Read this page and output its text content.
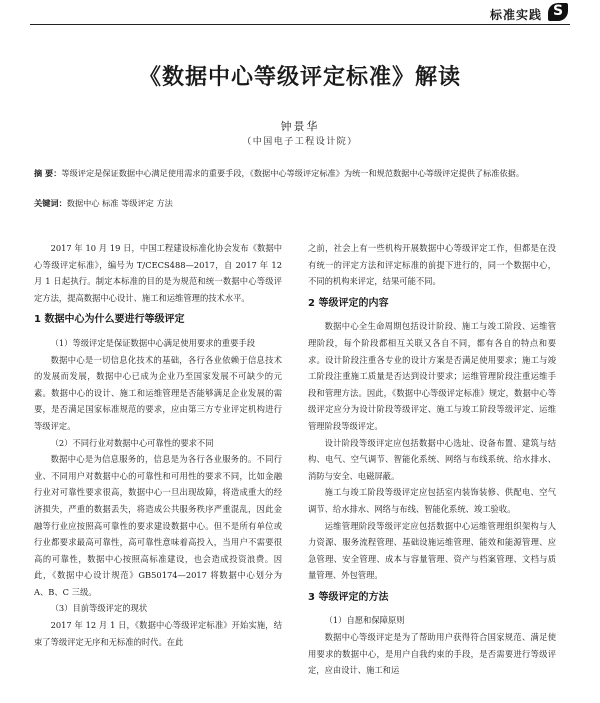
标准实践
S
《数据中心等级评定标准》解读
钟景华
（中国电子工程设计院）
摘 要：等级评定是保证数据中心满足使用需求的重要手段，《数据中心等级评定标准》为统一和规范数据中心等级评定提供了标准依据。
关键词：数据中心 标准 等级评定 方法

2017 年 10 月 19 日，中国工程建设标准化协会发布《数据中心等级评定标准》，编号为 T/CECS488—2017，自 2017 年 12 月 1 日起执行。制定本标准的目的是为规范和统一数据中心等级评定方法，提高数据中心设计、施工和运维管理的技术水平。

1 数据中心为什么要进行等级评定
（1）等级评定是保证数据中心满足使用要求的重要手段

数据中心是一切信息化技术的基础，各行各业依赖于信息技术的发展而发展，数据中心已成为企业乃至国家发展不可缺少的元素。数据中心的设计、施工和运维管理是否能够满足企业发展的需要，是否满足国家标准规范的要求，应由第三方专业评定机构进行等级评定。

（2）不同行业对数据中心可靠性的要求不同

数据中心是为信息服务的，信息是为各行各业服务的。不同行业、不同用户对数据中心的可靠性和可用性的要求不同，比如金融行业对可靠性要求很高，数据中心一旦出现故障，将造成重大的经济损失，严重的数据丢失，将造成公共服务秩序严重混乱，因此金融等行业应按照高可靠性的要求建设数据中心。但不是所有单位或行业都要求最高可靠性，高可靠性意味着高投入，当用户不需要很高的可靠性，数据中心按照高标准建设，也会造成投资浪费。因此，《数据中心设计规范》GB50174—2017 将数据中心划分为 A、B、C 三级。

（3）目前等级评定的现状

2017 年 12 月 1 日，《数据中心等级评定标准》开始实施，结束了等级评定无序和无标准的时代。在此

之前，社会上有一些机构开展数据中心等级评定工作，但都是在没有统一的评定方法和评定标准的前提下进行的，同一个数据中心，不同的机构来评定，结果可能不同。

2 等级评定的内容

数据中心全生命周期包括设计阶段、施工与竣工阶段、运维管理阶段，每个阶段都相互关联又各自不同，都有各自的特点和要求。设计阶段注重各专业的设计方案是否满足使用要求；施工与竣工阶段注重施工质量是否达到设计要求；运维管理阶段注重运维手段和管理方法。因此，《数据中心等级评定标准》规定，数据中心等级评定应分为设计阶段等级评定、施工与竣工阶段等级评定、运维管理阶段等级评定。

设计阶段等级评定应包括数据中心选址、设备布置、建筑与结构、电气、空气调节、智能化系统、网络与布线系统、给水排水、消防与安全、电磁屏蔽。

施工与竣工阶段等级评定应包括室内装饰装修、供配电、空气调节、给水排水、网络与布线、智能化系统、竣工验收。

运维管理阶段等级评定应包括数据中心运维管理组织架构与人力资源、服务流程管理、基础设施运维管理、能效和能源管理、应急管理、安全管理、成本与容量管理、资产与档案管理、文档与质量管理、外包管理。

3 等级评定的方法
（1）自愿和保障原则

数据中心等级评定是为了帮助用户获得符合国家规范、满足使用要求的数据中心，是用户自我约束的手段，是否需要进行等级评定，应由设计、施工和运
